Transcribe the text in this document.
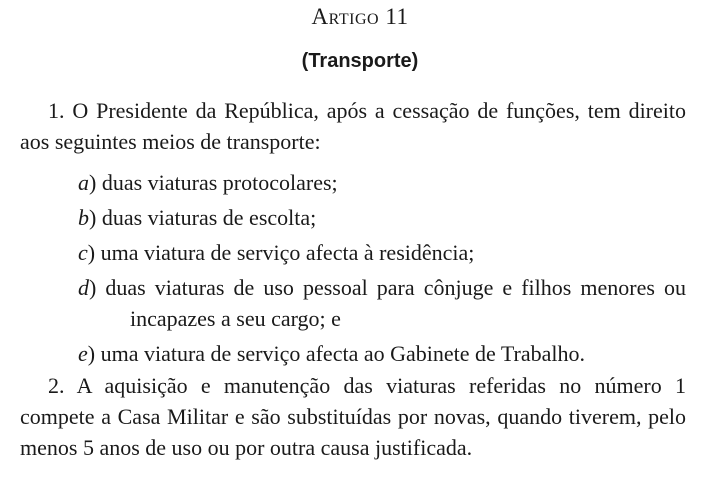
Artigo 11
(Transporte)
1. O Presidente da República, após a cessação de funções, tem direito aos seguintes meios de transporte:
a) duas viaturas protocolares;
b) duas viaturas de escolta;
c) uma viatura de serviço afecta à residência;
d) duas viaturas de uso pessoal para cônjuge e filhos menores ou incapazes a seu cargo; e
e) uma viatura de serviço afecta ao Gabinete de Trabalho.
2. A aquisição e manutenção das viaturas referidas no número 1 compete a Casa Militar e são substituídas por novas, quando tiverem, pelo menos 5 anos de uso ou por outra causa justificada.
